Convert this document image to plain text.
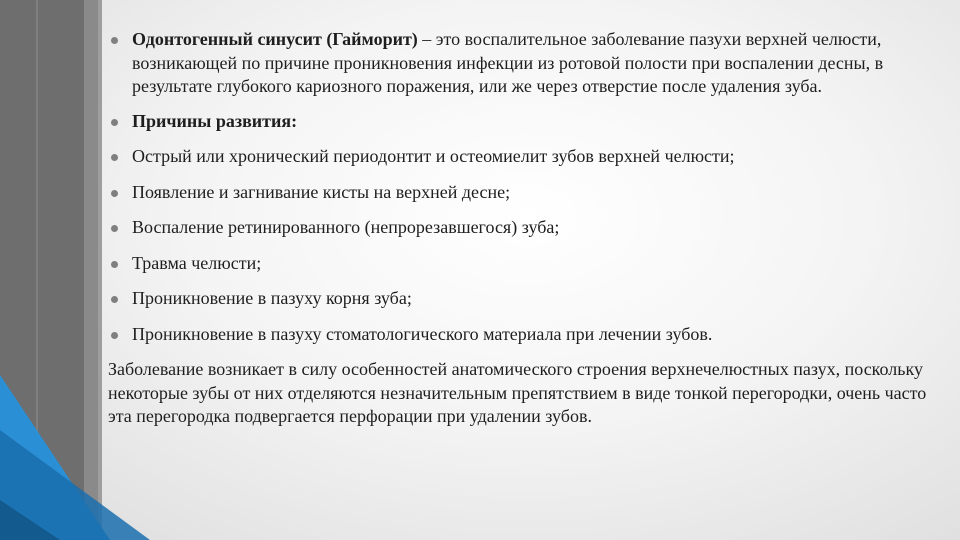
Одонтогенный синусит (Гайморит) – это воспалительное заболевание пазухи верхней челюсти, возникающей по причине проникновения инфекции из ротовой полости при воспалении десны, в результате глубокого кариозного поражения, или же через отверстие после удаления зуба.
Причины развития:
Острый или хронический периодонтит и остеомиелит зубов верхней челюсти;
Появление и загнивание кисты на верхней десне;
Воспаление ретинированного (непрорезавшегося) зуба;
Травма челюсти;
Проникновение в пазуху корня зуба;
Проникновение в пазуху стоматологического материала при лечении зубов.

Заболевание возникает в силу особенностей анатомического строения верхнечелюстных пазух, поскольку некоторые зубы от них отделяются незначительным препятствием в виде тонкой перегородки, очень часто эта перегородка подвергается перфорации при удалении зубов.
